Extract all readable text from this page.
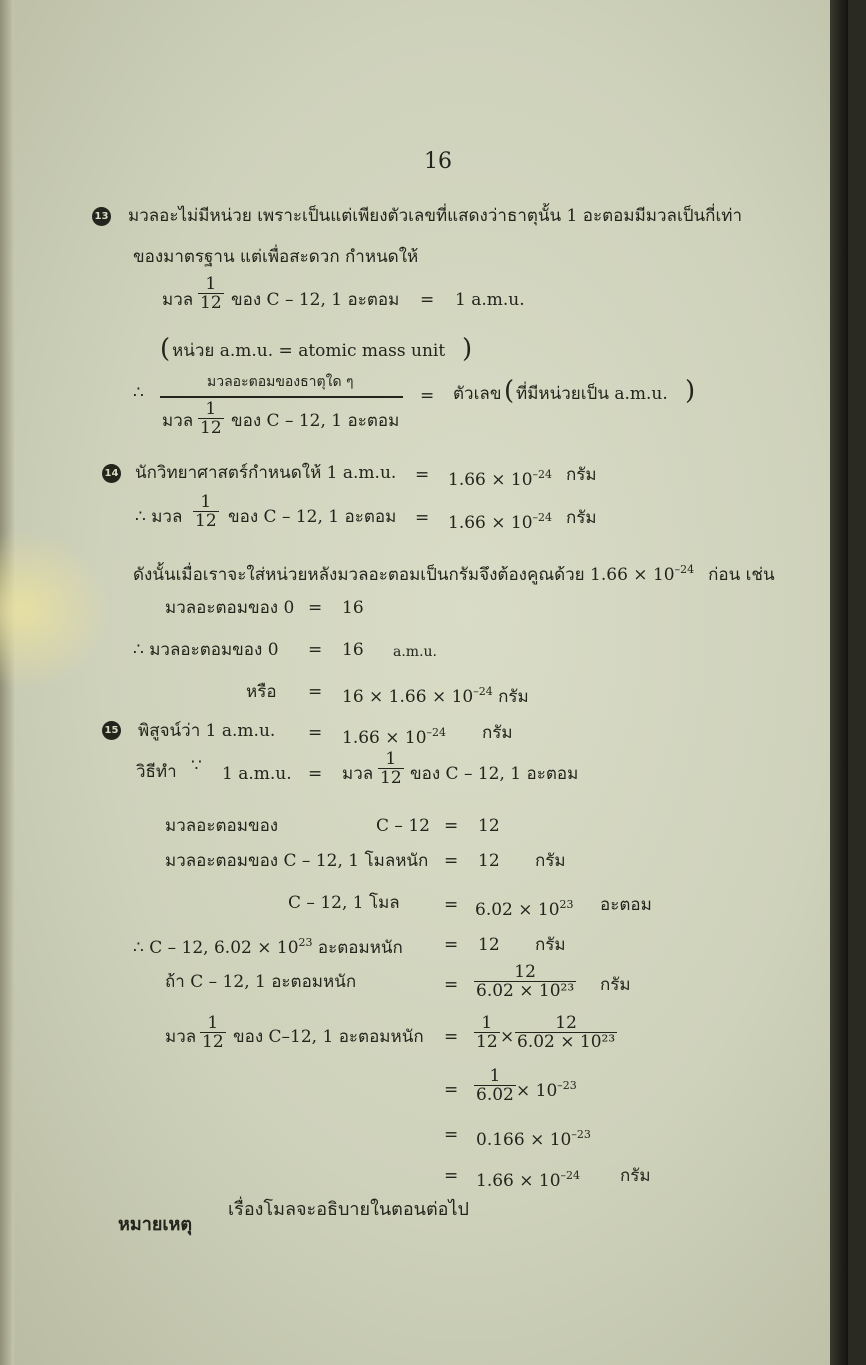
16
13 มวลอะไม่มีหน่วย เพราะเป็นแต่เพียงตัวเลขที่แสดงว่าธาตุนั้น 1 อะตอมมีมวลเป็นกี่เท่า
ของมาตรฐาน แต่เพื่อสะดวก กำหนดให้
มวล $\frac{1}{12}$ ของ C – 12, 1 อะตอม = 1 a.m.u.
( หน่วย a.m.u. = atomic mass unit )
∴
มวลอะตอมของธาตุใด ๆ
มวล $\frac{1}{12}$ ของ C – 12, 1 อะตอม
= ตัวเลข ( ที่มีหน่วยเป็น a.m.u. )
14 นักวิทยาศาสตร์กำหนดให้ 1 a.m.u. = $1.66 \times 10^{-24}$ กรัม
∴ มวล $\frac{1}{12}$ ของ C – 12, 1 อะตอม = $1.66 \times 10^{-24}$ กรัม
ดังนั้นเมื่อเราจะใส่หน่วยหลังมวลอะตอมเป็นกรัมจึงต้องคูณด้วย $1.66 \times 10^{-24}$ ก่อน เช่น
มวลอะตอมของ 0 = 16
∴ มวลอะตอมของ 0 = 16 a.m.u.
หรือ = $16 \times 1.66 \times 10^{-24}$ กรัม
15 พิสูจน์ว่า 1 a.m.u. = $1.66 \times 10^{-24}$ กรัม
วิธีทำ ∵ 1 a.m.u. = มวล $\frac{1}{12}$ ของ C – 12, 1 อะตอม
มวลอะตอมของ	C – 12 = 12
มวลอะตอมของ C – 12, 1 โมลหนัก = 12 กรัม
C – 12, 1 โมล	= $6.02 \times 10^{23}$ อะตอม
∴ C – 12, $6.02 \times 10^{23}$ อะตอมหนัก = 12 กรัม
ถ้า C – 12, 1 อะตอมหนัก	= $\frac{12}{\text{6.02 × 10²³}}$ กรัม
มวล $\frac{1}{12}$ ของ C–12, 1 อะตอมหนัก = $\frac{1}{12} \times \frac{12}{\text{6.02 × 10²³}}$
= $\frac{1}{6.02} \times 10^{-23}$
= $0.166 \times 10^{-23}$
= $1.66 \times 10^{-24}$ กรัม
หมายเหตุ
เรื่องโมลจะอธิบายในตอนต่อไป
